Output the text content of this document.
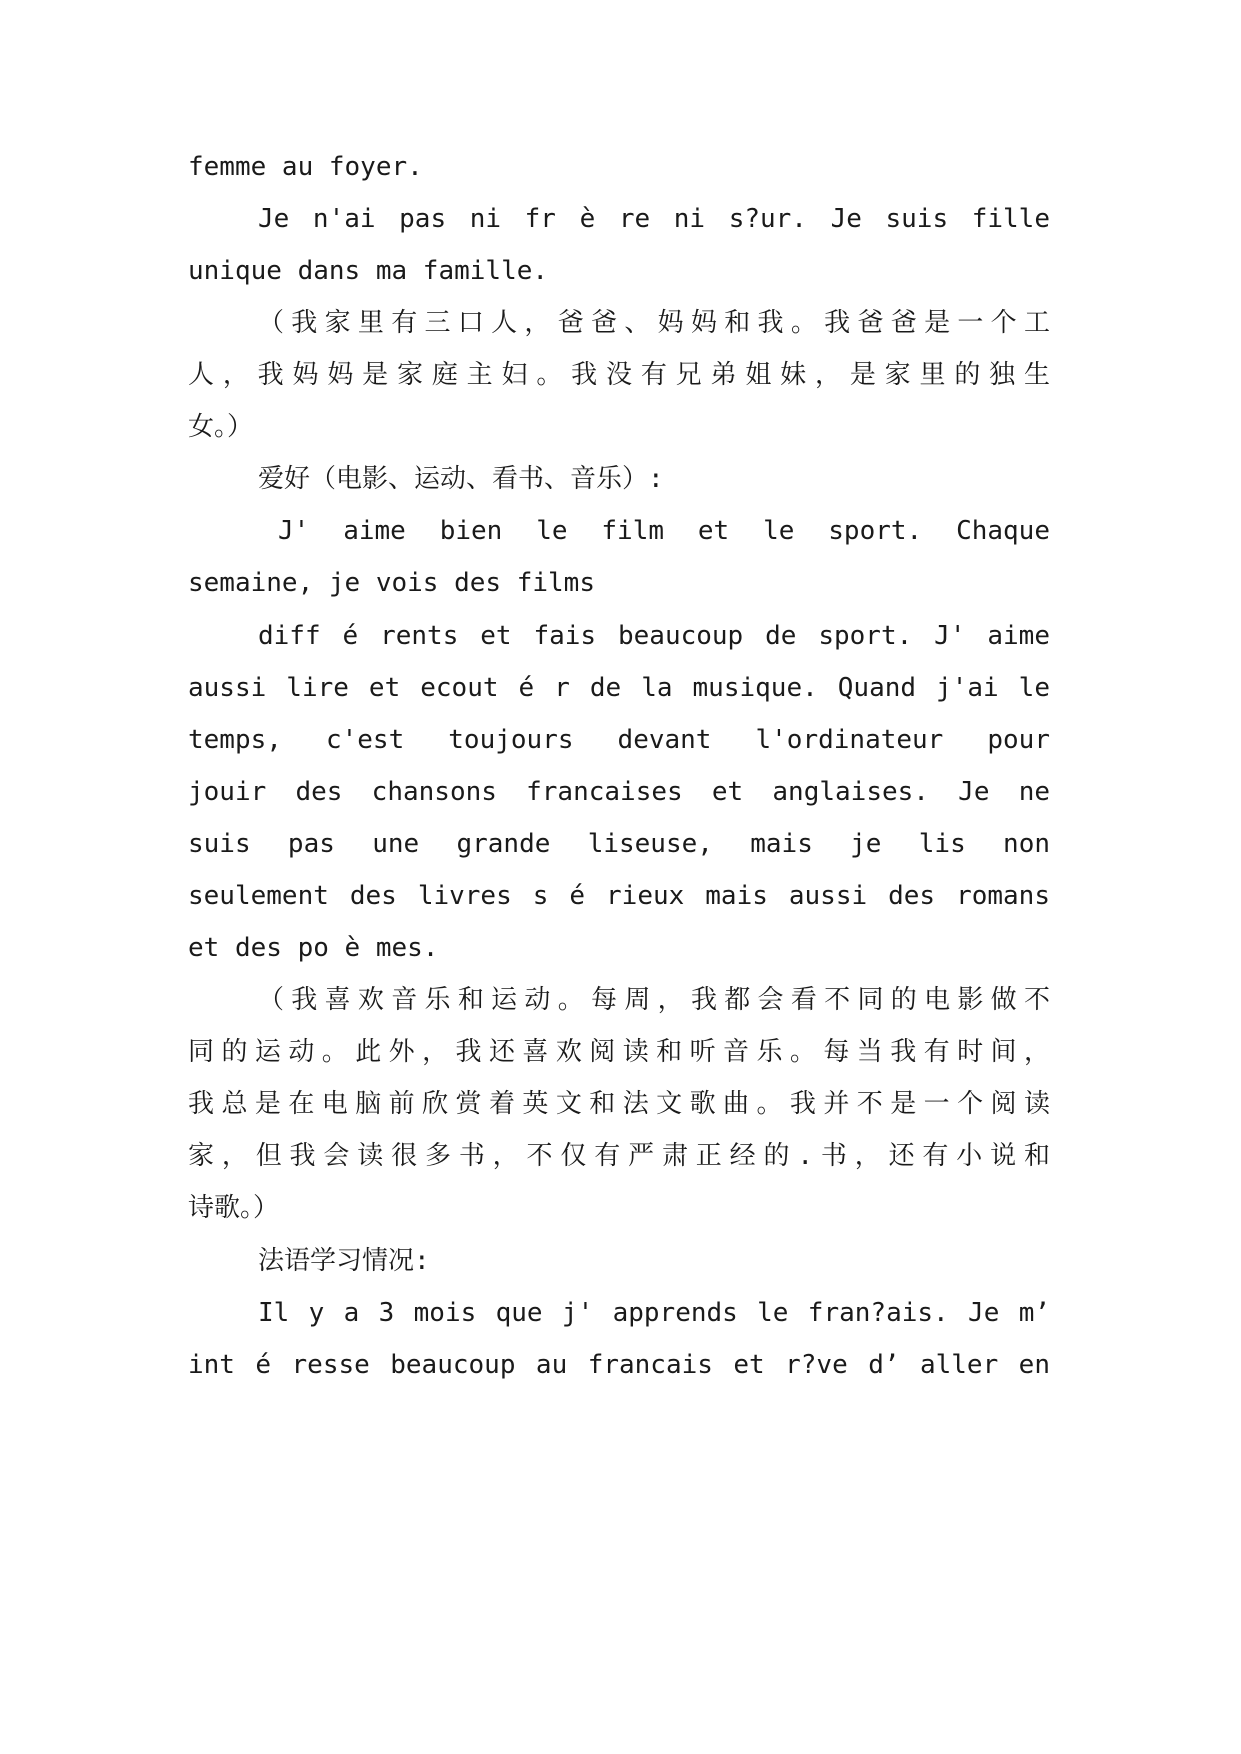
femme au foyer.
Je n'ai pas ni fr è re ni s?ur. Je suis fille
unique dans ma famille.
（我家里有三口人，爸爸、妈妈和我。我爸爸是一个工
人，我妈妈是家庭主妇。我没有兄弟姐妹，是家里的独生
女。）
爱好（电影、运动、看书、音乐）:
J' aime bien le film et le sport. Chaque
semaine, je vois des films
diff é rents et fais beaucoup de sport. J' aime
aussi lire et ecout é r de la musique. Quand j'ai le
temps, c'est toujours devant l'ordinateur pour
jouir des chansons francaises et anglaises. Je ne
suis pas une grande liseuse, mais je lis non
seulement des livres s é rieux mais aussi des romans
et des po è mes.
（我喜欢音乐和运动。每周，我都会看不同的电影做不
同的运动。此外，我还喜欢阅读和听音乐。每当我有时间，
我总是在电脑前欣赏着英文和法文歌曲。我并不是一个阅读
家，但我会读很多书，不仅有严肃正经的.书，还有小说和
诗歌。）
法语学习情况:
Il y a 3 mois que j' apprends le fran?ais. Je m’
int é resse beaucoup au francais et r?ve d’ aller en
